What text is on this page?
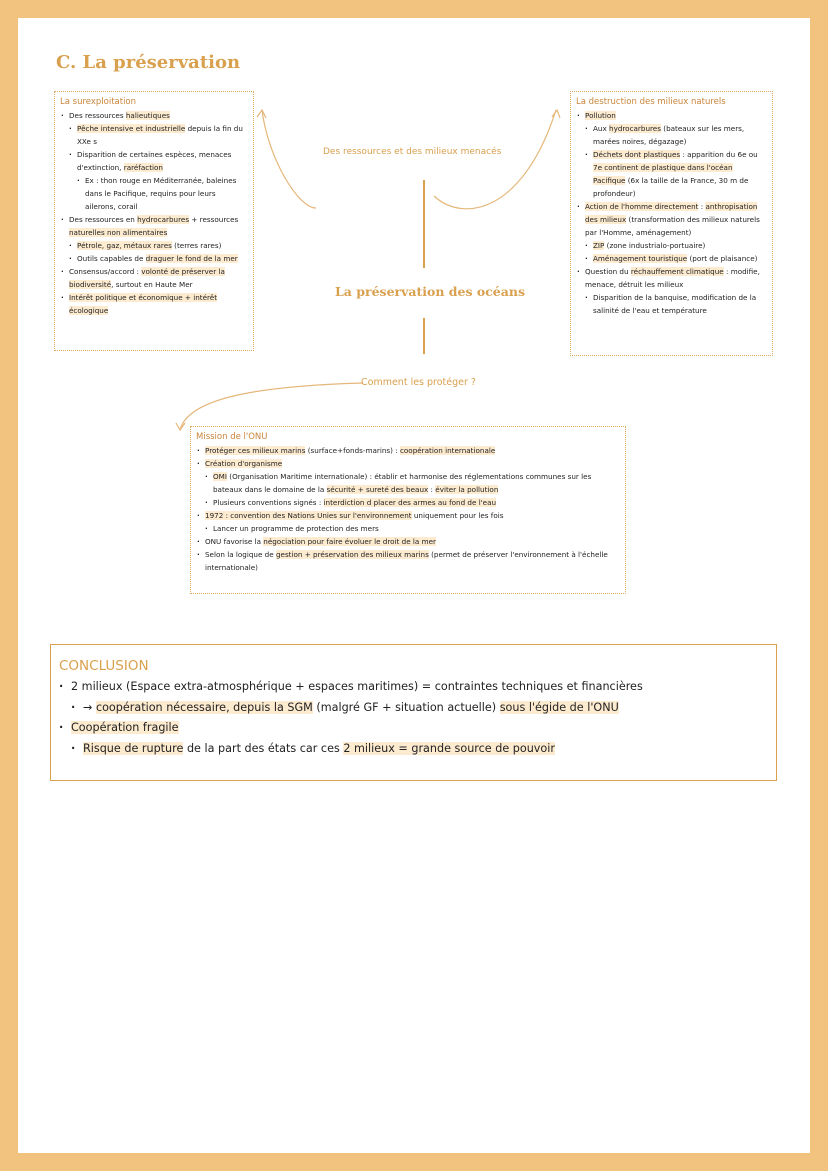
C. La préservation
Des ressources et des milieux menacés
La préservation des océans
Comment les protéger ?
La surexploitation
· Des ressources halieutiques
· Pêche intensive et industrielle depuis la fin du XXe s
· Disparition de certaines espèces, menaces d'extinction, raréfaction
· Ex : thon rouge en Méditerranée, baleines dans le Pacifique, requins pour leurs ailerons, corail
· Des ressources en hydrocarbures + ressources naturelles non alimentaires
· Pétrole, gaz, métaux rares (terres rares)
· Outils capables de draguer le fond de la mer
· Consensus/accord : volonté de préserver la biodiversité, surtout en Haute Mer
· Intérêt politique et économique + intérêt écologique
La destruction des milieux naturels
· Pollution
· Aux hydrocarbures (bateaux sur les mers, marées noires, dégazage)
· Déchets dont plastiques : apparition du 6e ou 7e continent de plastique dans l'océan Pacifique (6x la taille de la France, 30 m de profondeur)
· Action de l'homme directement : anthropisation des milieux (transformation des milieux naturels par l'Homme, aménagement)
· ZIP (zone industrialo-portuaire)
· Aménagement touristique (port de plaisance)
· Question du réchauffement climatique : modifie, menace, détruit les milieux
· Disparition de la banquise, modification de la salinité de l'eau et température
Mission de l'ONU
· Protéger ces milieux marins (surface+fonds-marins) : coopération internationale
· Création d'organisme
· OMI (Organisation Maritime internationale) : établir et harmonise des réglementations communes sur les bateaux dans le domaine de la sécurité + sureté des beaux : éviter la pollution
· Plusieurs conventions signés : interdiction d placer des armes au fond de l'eau
· 1972 : convention des Nations Unies sur l'environnement uniquement pour les fois
· Lancer un programme de protection des mers
· ONU favorise la négociation pour faire évoluer le droit de la mer
· Selon la logique de gestion + préservation des milieux marins (permet de préserver l'environnement à l'échelle internationale)
CONCLUSION
· 2 milieux (Espace extra-atmosphérique + espaces maritimes) = contraintes techniques et financières
· → coopération nécessaire, depuis la SGM (malgré GF + situation actuelle) sous l'égide de l'ONU
· Coopération fragile
· Risque de rupture de la part des états car ces 2 milieux = grande source de pouvoir
